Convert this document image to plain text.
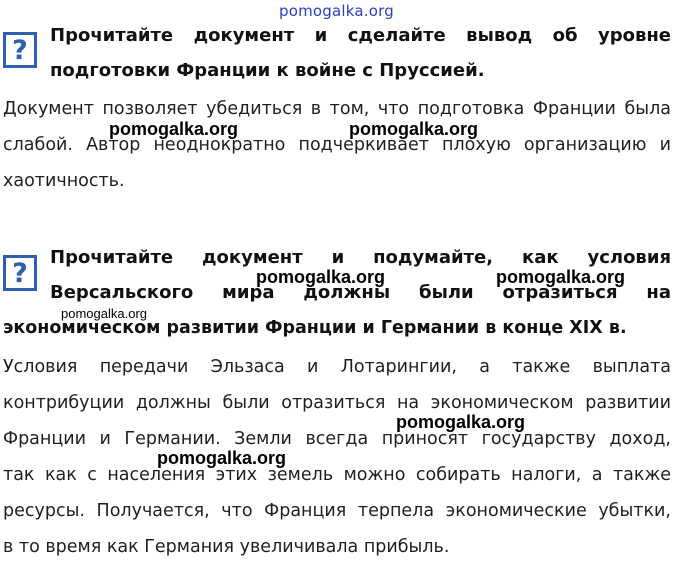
pomogalka.org
?	Прочитайте документ и сделайте вывод об уровне
подготовки Франции к войне с Пруссией.
Документ позволяет убедиться в том, что подготовка Франции была
слабой. Автор неоднократно подчеркивает плохую организацию и
хаотичность.
?
Прочитайте документ и подумайте, как условия
Версальского мира должны были отразиться на
экономическом развитии Франции и Германии в конце XIX в.
Условия передачи Эльзаса и Лотарингии, а также выплата
контрибуции должны были отразиться на экономическом развитии
Франции и Германии. Земли всегда приносят государству доход,
так как с населения этих земель можно собирать налоги, а также
ресурсы. Получается, что Франция терпела экономические убытки,
в то время как Германия увеличивала прибыль.
pomogalka.org	pomogalka.org
pomogalka.org	pomogalka.org
pomogalka.org
pomogalka.org
pomogalka.org
